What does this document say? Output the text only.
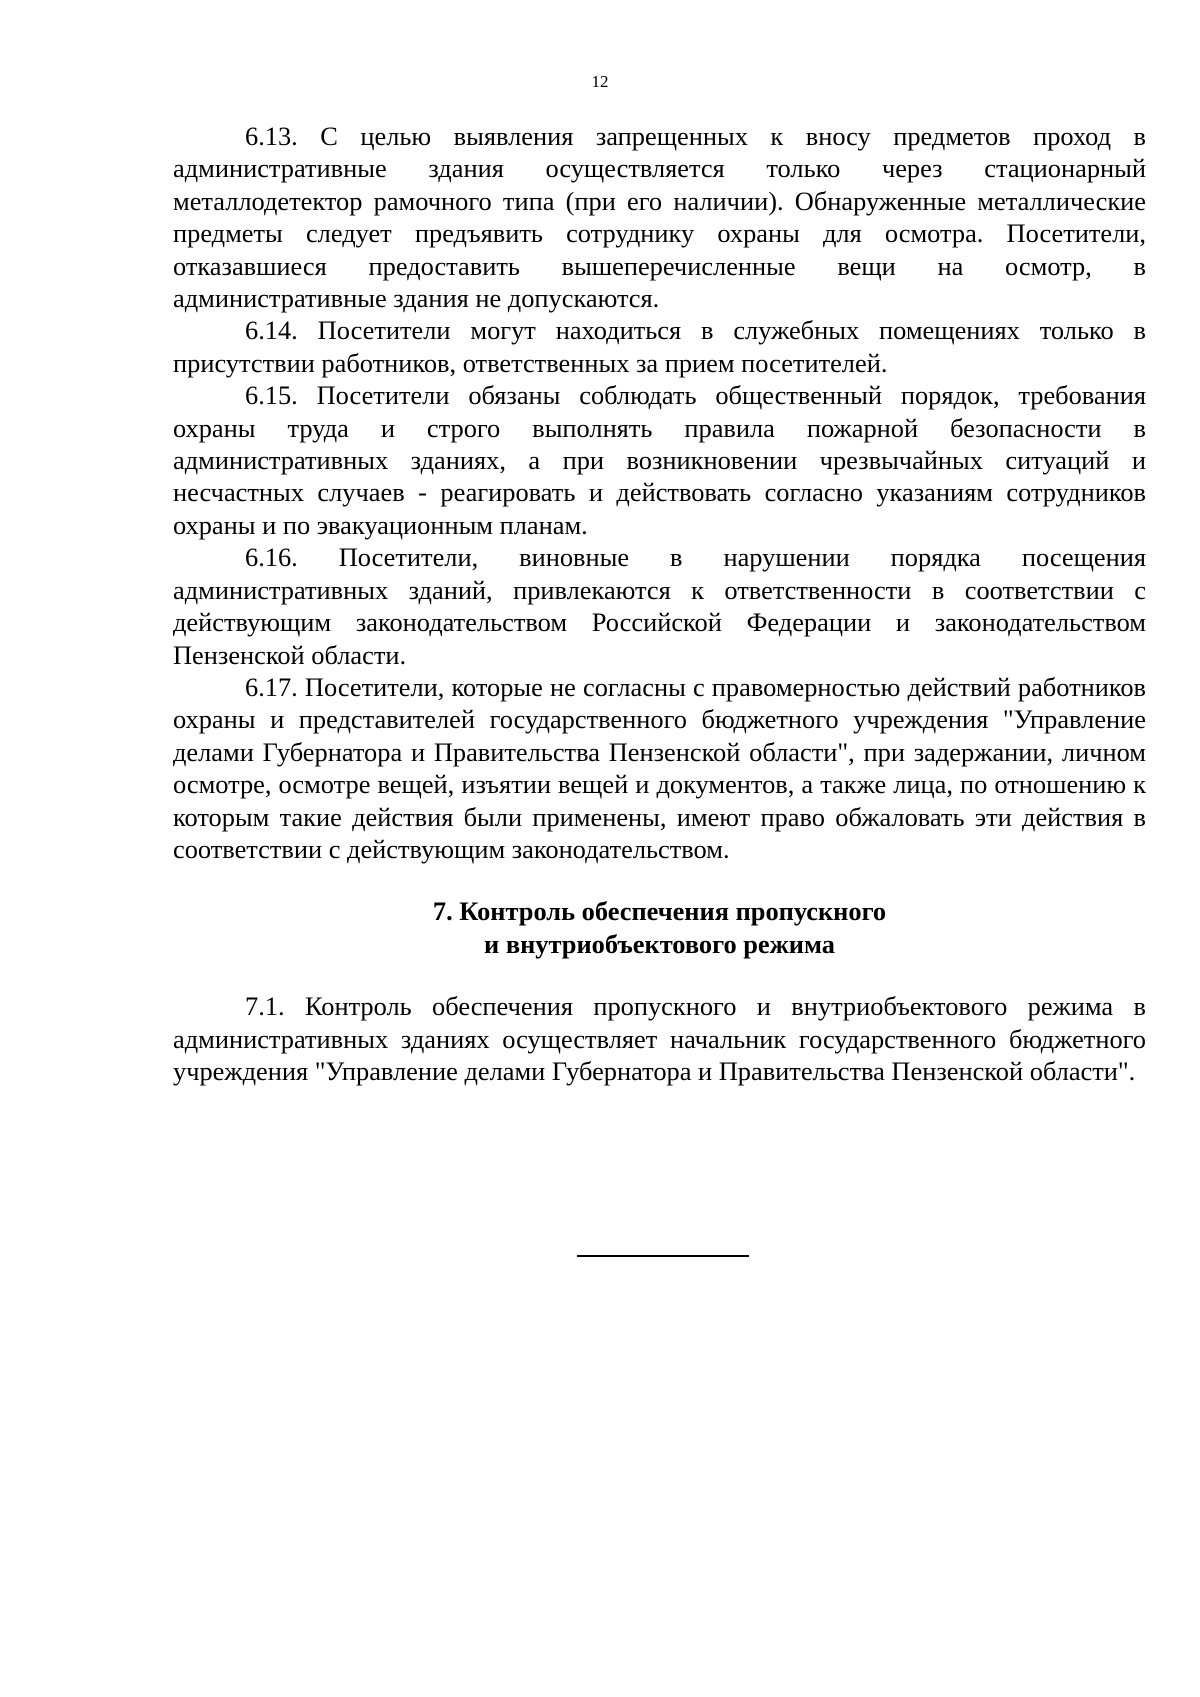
12

6.13. С целью выявления запрещенных к вносу предметов проход в административные здания осуществляется только через стационарный металлодетектор рамочного типа (при его наличии). Обнаруженные металлические предметы следует предъявить сотруднику охраны для осмотра. Посетители, отказавшиеся предоставить вышеперечисленные вещи на осмотр, в административные здания не допускаются.

6.14. Посетители могут находиться в служебных помещениях только в присутствии работников, ответственных за прием посетителей.

6.15. Посетители обязаны соблюдать общественный порядок, требования охраны труда и строго выполнять правила пожарной безопасности в административных зданиях, а при возникновении чрезвычайных ситуаций и несчастных случаев - реагировать и действовать согласно указаниям сотрудников охраны и по эвакуационным планам.

6.16. Посетители, виновные в нарушении порядка посещения административных зданий, привлекаются к ответственности в соответствии с действующим законодательством Российской Федерации и законодательством Пензенской области.

6.17. Посетители, которые не согласны с правомерностью действий работников охраны и представителей государственного бюджетного учреждения "Управление делами Губернатора и Правительства Пензенской области", при задержании, личном осмотре, осмотре вещей, изъятии вещей и документов, а также лица, по отношению к которым такие действия были применены, имеют право обжаловать эти действия в соответствии с действующим законодательством.

7. Контроль обеспечения пропускного
и внутриобъектового режима

7.1. Контроль обеспечения пропускного и внутриобъектового режима в административных зданиях осуществляет начальник государственного бюджетного учреждения "Управление делами Губернатора и Правительства Пензенской области".
